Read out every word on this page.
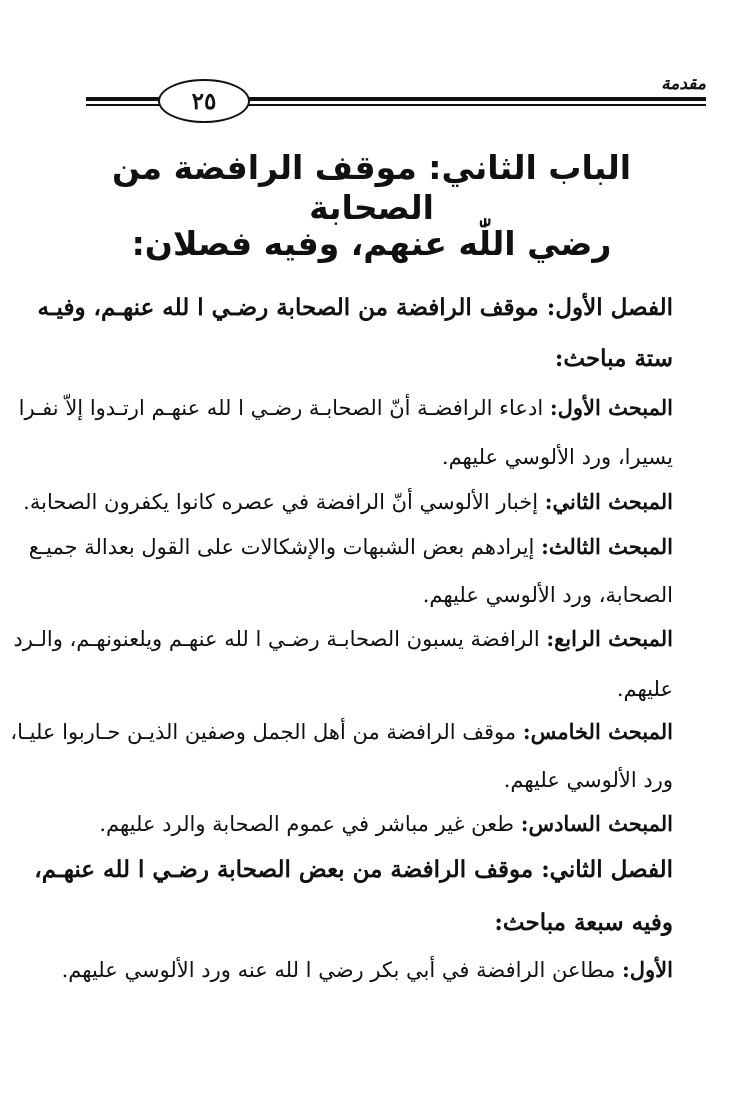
٢٥
مقدمة
الباب الثاني: موقف الرافضة من الصحابة
رضي اللّٰه عنهم، وفيه فصلان:
الفصل الأول: موقف الرافضة من الصحابة رضـي ا لله عنهـم، وفيـه
ستة مباحث:
المبحث الأول: ادعاء الرافضـة أنّ الصحابـة رضـي ا لله عنهـم ارتـدوا إلاّ نفـرا
يسيرا، ورد الألوسي عليهم.
المبحث الثاني: إخبار الألوسي أنّ الرافضة في عصره كانوا يكفرون الصحابة.
المبحث الثالث: إيرادهم بعض الشبهات والإشكالات على القول بعدالة جميـع
الصحابة، ورد الألوسي عليهم.
المبحث الرابع: الرافضة يسبون الصحابـة رضـي ا لله عنهـم ويلعنونهـم، والـرد
عليهم.
المبحث الخامس: موقف الرافضة من أهل الجمل وصفين الذيـن حـاربوا عليـا،
ورد الألوسي عليهم.
المبحث السادس: طعن غير مباشر في عموم الصحابة والرد عليهم.
الفصل الثاني: موقف الرافضة من بعض الصحابة رضـي ا لله عنهـم،
وفيه سبعة مباحث:
الأول: مطاعن الرافضة في أبي بكر رضي ا لله عنه ورد الألوسي عليهم.
